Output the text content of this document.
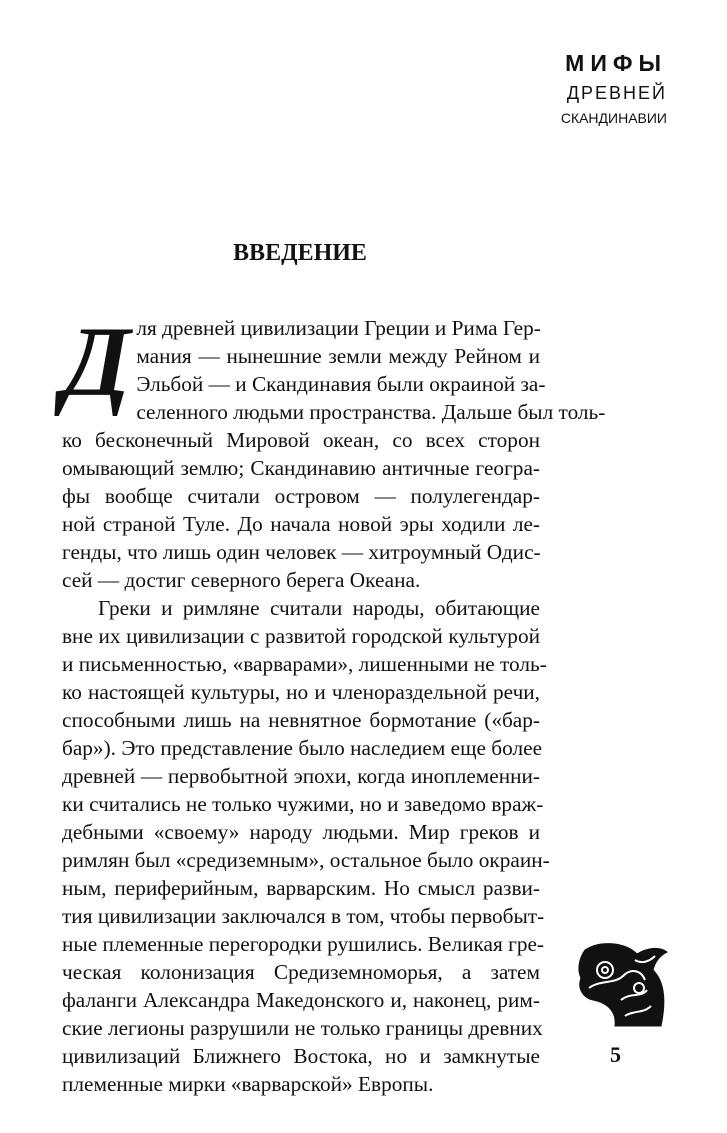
МИФЫ
ДРЕВНЕЙ
СКАНДИНАВИИ
ВВЕДЕНИЕ

Д ля древней цивилизации Греции и Рима Гер-
мания — нынешние земли между Рейном и
Эльбой — и Скандинавия были окраиной за-
селенного людьми пространства. Дальше был толь-
ко бесконечный Мировой океан, со всех сторон
омывающий землю; Скандинавию античные геогра-
фы вообще считали островом — полулегендар-
ной страной Туле. До начала новой эры ходили ле-
генды, что лишь один человек — хитроумный Одис-
сей — достиг северного берега Океана.

Греки и римляне считали народы, обитающие
вне их цивилизации с развитой городской культурой
и письменностью, «варварами», лишенными не толь-
ко настоящей культуры, но и членораздельной речи,
способными лишь на невнятное бормотание («бар-
бар»). Это представление было наследием еще более
древней — первобытной эпохи, когда иноплеменни-
ки считались не только чужими, но и заведомо враж-
дебными «своему» народу людьми. Мир греков и
римлян был «средиземным», остальное было окраин-
ным, периферийным, варварским. Но смысл разви-
тия цивилизации заключался в том, чтобы первобыт-
ные племенные перегородки рушились. Великая гре-
ческая колонизация Средиземноморья, а затем
фаланги Александра Македонского и, наконец, рим-
ские легионы разрушили не только границы древних
цивилизаций Ближнего Востока, но и замкнутые
племенные мирки «варварской» Европы.

5
